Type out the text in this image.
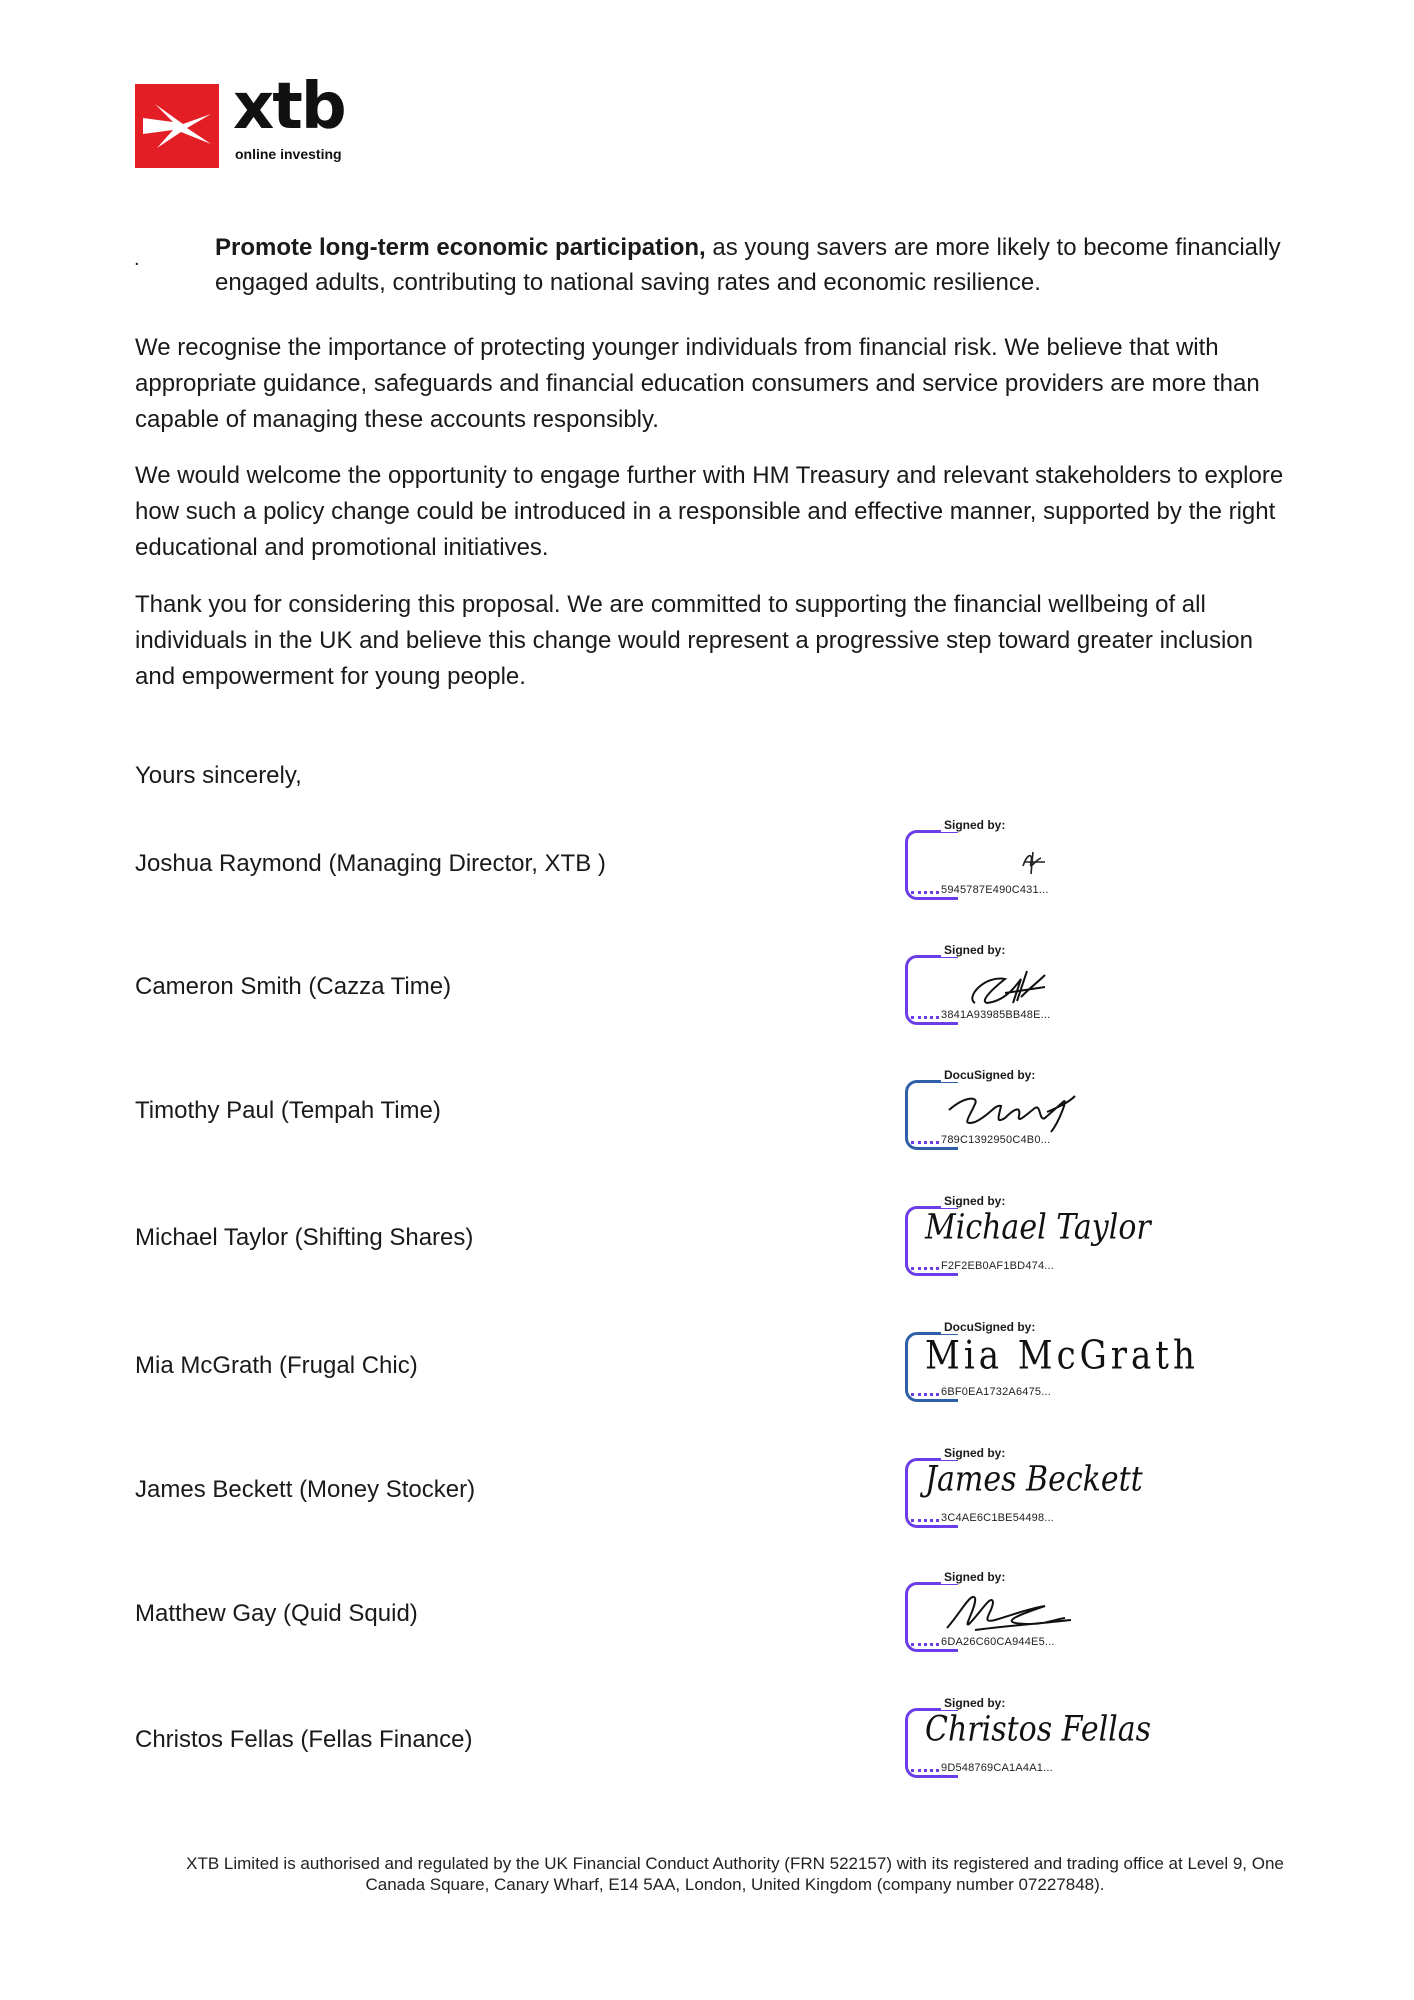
xtb
online investing
.	Promote long-term economic participation, as young savers are more likely to become financially engaged adults, contributing to national saving rates and economic resilience.
We recognise the importance of protecting younger individuals from financial risk. We believe that with appropriate guidance, safeguards and financial education consumers and service providers are more than capable of managing these accounts responsibly.
We would welcome the opportunity to engage further with HM Treasury and relevant stakeholders to explore how such a policy change could be introduced in a responsible and effective manner, supported by the right educational and promotional initiatives.
Thank you for considering this proposal. We are committed to supporting the financial wellbeing of all individuals in the UK and believe this change would represent a progressive step toward greater inclusion and empowerment for young people.
Yours sincerely,
Joshua Raymond (Managing Director, XTB )
Cameron Smith (Cazza Time)
Timothy Paul (Tempah Time)
Michael Taylor (Shifting Shares)
Mia McGrath (Frugal Chic)
James Beckett (Money Stocker)
Matthew Gay (Quid Squid)
Christos Fellas (Fellas Finance)
Signed by:
5945787E490C431...
Signed by:
3841A93985BB48E...
DocuSigned by:
789C1392950C4B0...
Signed by:
Michael Taylor
F2F2EB0AF1BD474...
DocuSigned by:
Mia McGrath
6BF0EA1732A6475...
Signed by:
James Beckett
3C4AE6C1BE54498...
Signed by:
6DA26C60CA944E5...
Signed by:
Christos Fellas
9D548769CA1A4A1...
XTB Limited is authorised and regulated by the UK Financial Conduct Authority (FRN 522157) with its registered and trading office at Level 9, One Canada Square, Canary Wharf, E14 5AA, London, United Kingdom (company number 07227848).
